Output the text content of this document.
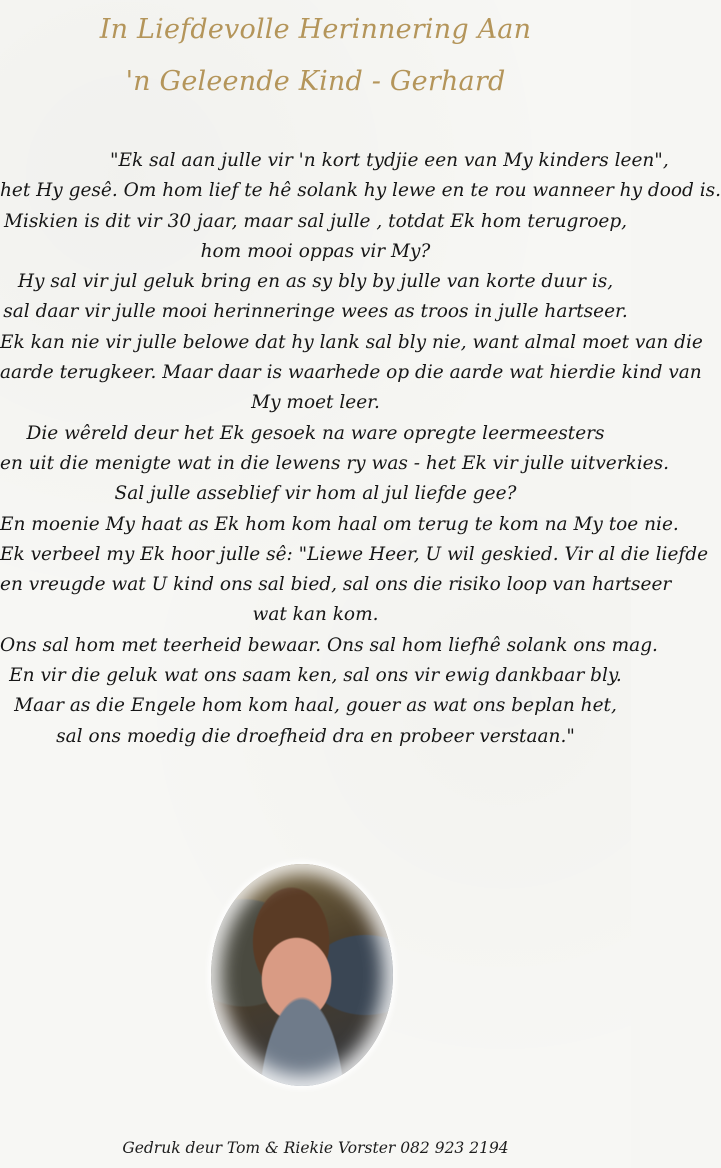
In Liefdevolle Herinnering Aan
'n Geleende Kind - Gerhard
"Ek sal aan julle vir 'n kort tydjie een van My kinders leen",
het Hy gesê. Om hom lief te hê solank hy lewe en te rou wanneer hy dood is.
Miskien is dit vir 30 jaar, maar sal julle , totdat Ek hom terugroep,
hom mooi oppas vir My?
Hy sal vir jul geluk bring en as sy bly by julle van korte duur is,
sal daar vir julle mooi herinneringe wees as troos in julle hartseer.
Ek kan nie vir julle belowe dat hy lank sal bly nie, want almal moet van die
aarde terugkeer. Maar daar is waarhede op die aarde wat hierdie kind van
My moet leer.
Die wêreld deur het Ek gesoek na ware opregte leermeesters
en uit die menigte wat in die lewens ry was - het Ek vir julle uitverkies.
Sal julle asseblief vir hom al jul liefde gee?
En moenie My haat as Ek hom kom haal om terug te kom na My toe nie.
Ek verbeel my Ek hoor julle sê: "Liewe Heer, U wil geskied. Vir al die liefde
en vreugde wat U kind ons sal bied, sal ons die risiko loop van hartseer
wat kan kom.
Ons sal hom met teerheid bewaar. Ons sal hom liefhê solank ons mag.
En vir die geluk wat ons saam ken, sal ons vir ewig dankbaar bly.
Maar as die Engele hom kom haal, gouer as wat ons beplan het,
sal ons moedig die droefheid dra en probeer verstaan."
Gedruk deur Tom & Riekie Vorster 082 923 2194
